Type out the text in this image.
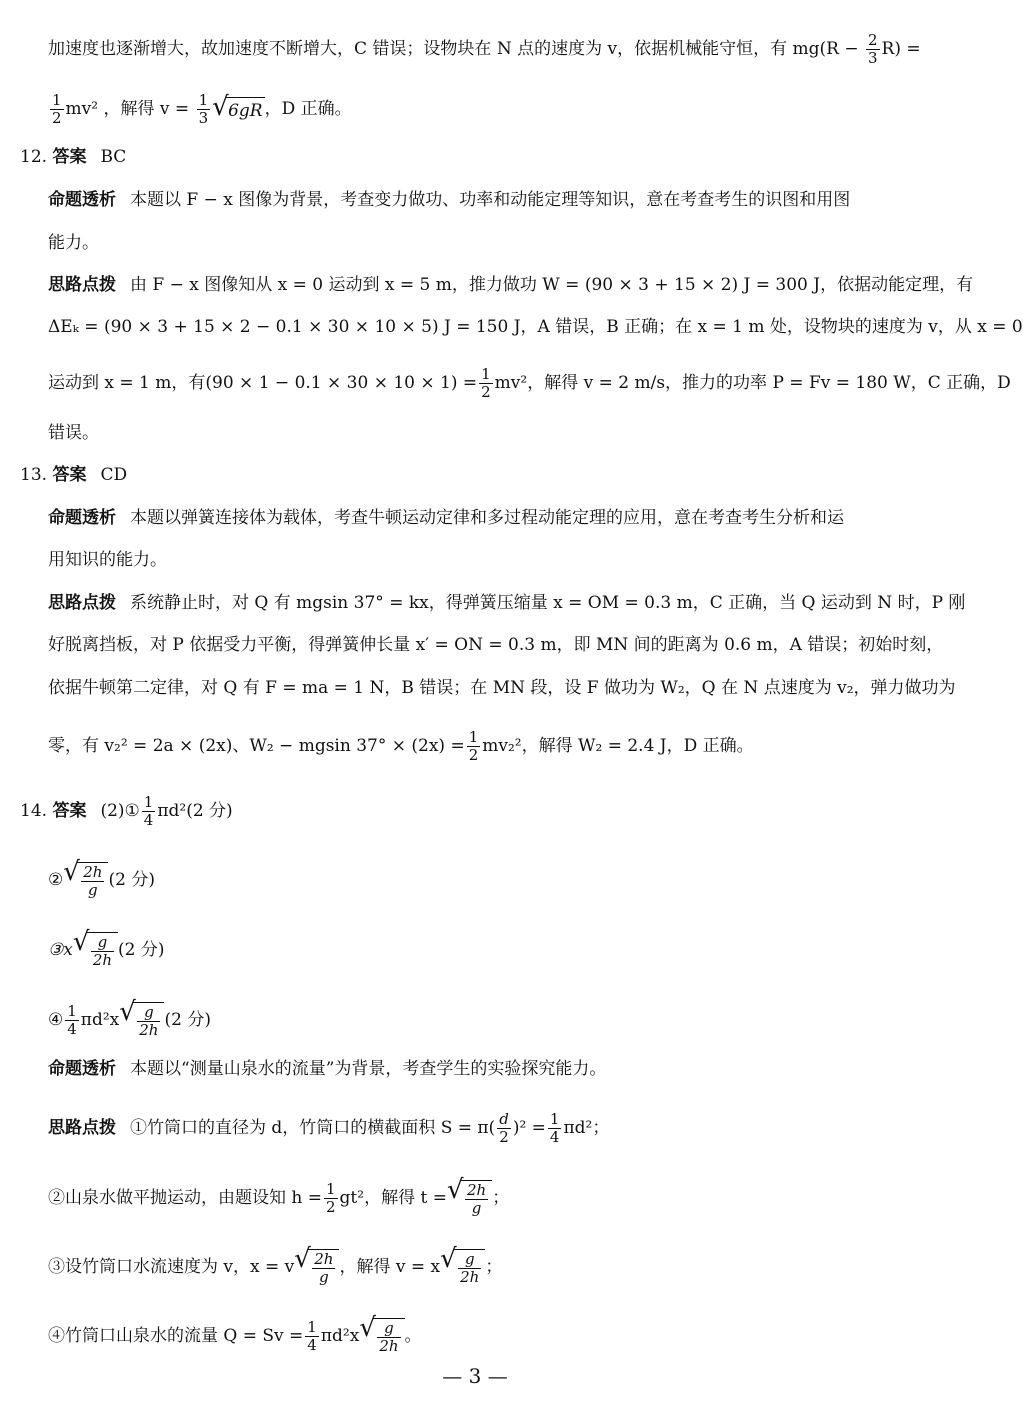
加速度也逐渐增大，故加速度不断增大，C 错误；设物块在 N 点的速度为 v，依据机械能守恒，有 $mg(R - \frac{2}{3} R)$ =
$\frac{1}{2} mv^2$ ，解得 $v = \frac{1}{3}$ √ 6gR ，D 正确。
12. 答案 BC
命题透析 本题以 F − x 图像为背景，考查变力做功、功率和动能定理等知识，意在考查考生的识图和用图
能力。
思路点拨 由 F − x 图像知从 x = 0 运动到 x = 5 m，推力做功 W = (90 × 3 + 15 × 2) J = 300 J，依据动能定理，有
ΔEₖ = (90 × 3 + 15 × 2 − 0.1 × 30 × 10 × 5) J = 150 J，A 错误，B 正确；在 x = 1 m 处，设物块的速度为 v，从 x = 0
运动到 x = 1 m，有$(90 \times 1 - 0.1 \times 30 \times 10 \times 1) = \frac{1}{2} mv^2$，解得 v = 2 m/s，推力的功率 P = Fv = 180 W，C 正确，D
错误。
13. 答案 CD
命题透析 本题以弹簧连接体为载体，考查牛顿运动定律和多过程动能定理的应用，意在考查考生分析和运
用知识的能力。
思路点拨 系统静止时，对 Q 有 mgsin 37° = kx，得弹簧压缩量 x = OM = 0.3 m，C 正确，当 Q 运动到 N 时，P 刚
好脱离挡板，对 P 依据受力平衡，得弹簧伸长量 x′ = ON = 0.3 m，即 MN 间的距离为 0.6 m，A 错误；初始时刻，
依据牛顿第二定律，对 Q 有 F = ma = 1 N，B 错误；在 MN 段，设 F 做功为 W₂，Q 在 N 点速度为 v₂，弹力做功为
零，有 v₂² = 2a × (2x)、W₂ − mgsin $37^\circ \times (2x) = \frac{1}{2} mv_2^2$，解得 W₂ = 2.4 J，D 正确。
14. 答案 (2)① $\frac{1}{4} \pi d^2(2$ 分)
② √ $\frac{2h}{g} (2$ 分)
③x √ $\frac{g}{2h} (2$ 分)
④ $\frac{1}{4} \pi d^2x$ √ $\frac{g}{2h} (2$ 分)
命题透析 本题以“测量山泉水的流量”为背景，考查学生的实验探究能力。
思路点拨 ①竹筒口的直径为 d，竹筒口的横截面积 $S = \pi( \frac{d}{2} )^2 = \frac{1}{4} \pi d^2$；
②山泉水做平抛运动，由题设知 $h = \frac{1}{2} gt^2$，解得 t = √ $\frac{2h}{g}$ ；
③设竹筒口水流速度为 v，x = v √ $\frac{2h}{g}$ ，解得 v = x √ $\frac{g}{2h}$ ；
④竹筒口山泉水的流量 $Q = Sv = \frac{1}{4} \pi d^2x$ √ $\frac{g}{2h}$ 。
— 3 —
